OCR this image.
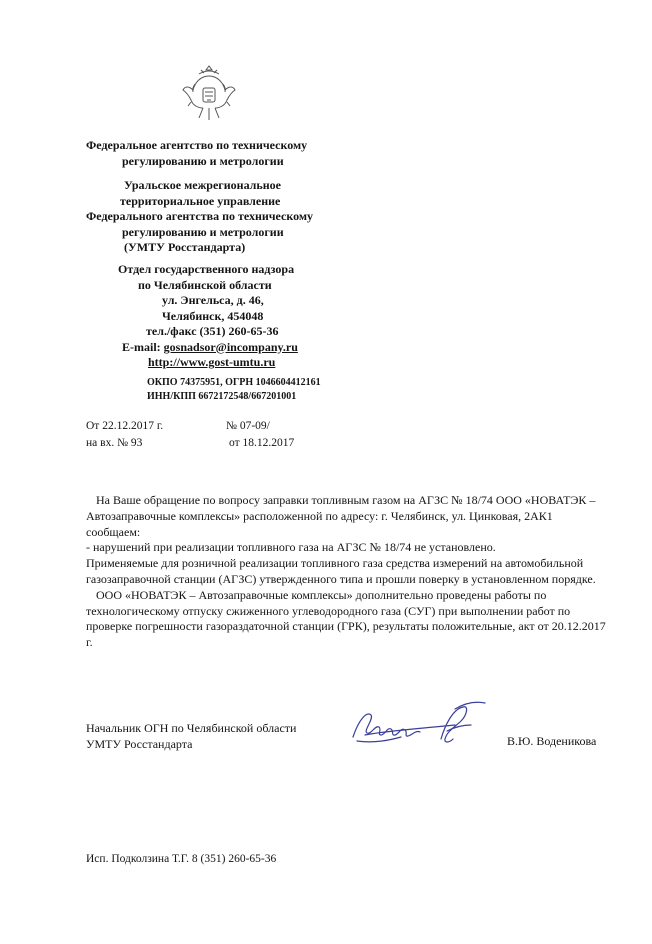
Федеральное агентство по техническому
регулированию и метрологии
Уральское межрегиональное
территориальное управление
Федерального агентства по техническому
регулированию и метрологии
(УМТУ Росстандарта)
Отдел государственного надзора
по Челябинской области
ул. Энгельса, д. 46,
Челябинск, 454048
тел./факс (351) 260-65-36
E-mail: gosnadsor@incompany.ru
http://www.gost-umtu.ru
ОКПО 74375951, ОГРН 1046604412161
ИНН/КПП 6672172548/667201001
От 22.12.2017 г.	№ 07-09/
на вх. № 93	от 18.12.2017

На Ваше обращение по вопросу заправки топливным газом на АГЗС № 18/74 ООО «НОВАТЭК – Автозаправочные комплексы» расположенной по адресу: г. Челябинск, ул. Цинковая, 2АК1 сообщаем:

- нарушений при реализации топливного газа на АГЗС № 18/74 не установлено.

Применяемые для розничной реализации топливного газа средства измерений на автомобильной газозаправочной станции (АГЗС) утвержденного типа и прошли поверку в установленном порядке.

ООО «НОВАТЭК – Автозаправочные комплексы» дополнительно проведены работы по технологическому отпуску сжиженного углеводородного газа (СУГ) при выполнении работ по проверке погрешности газораздаточной станции (ГРК), результаты положительные, акт от 20.12.2017 г.

Начальник ОГН по Челябинской области
УМТУ Росстандарта	В.Ю. Воденикова
Исп. Подколзина Т.Г. 8 (351) 260-65-36
